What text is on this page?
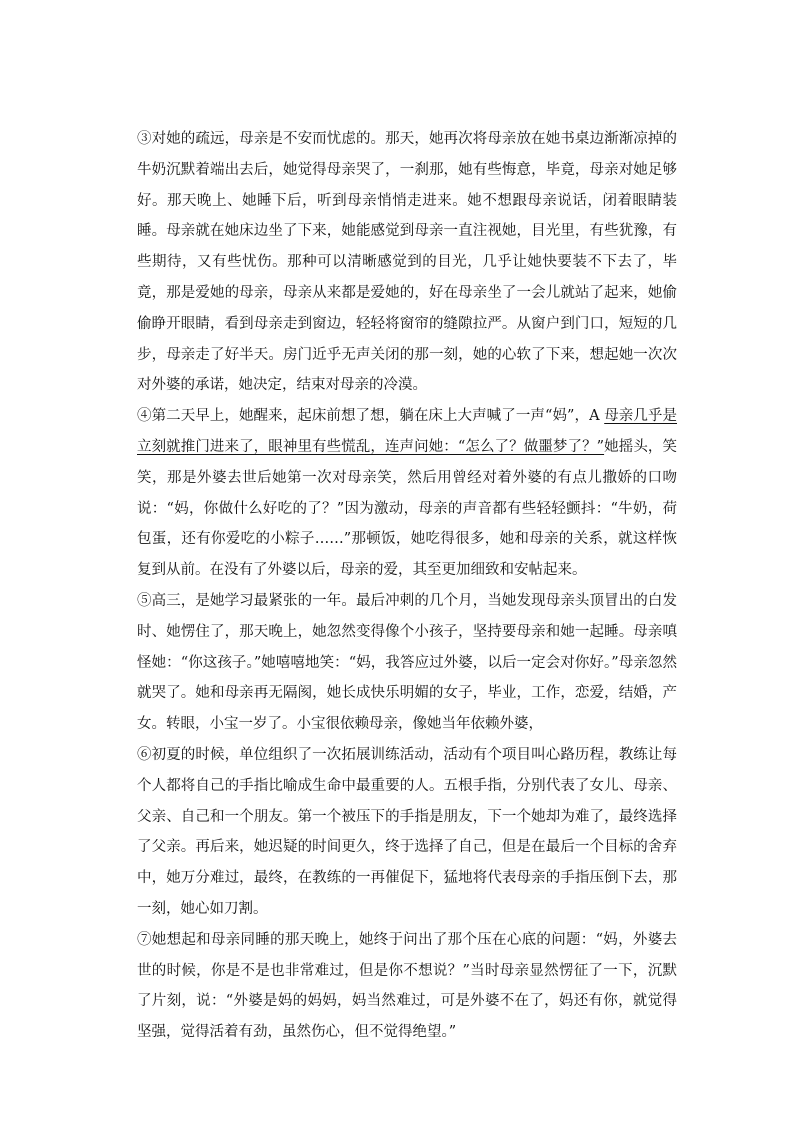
③对她的疏远，母亲是不安而忧虑的。那天，她再次将母亲放在她书桌边渐渐凉掉的牛奶沉默着端出去后，她觉得母亲哭了，一刹那，她有些悔意，毕竟，母亲对她足够好。那天晚上、她睡下后，听到母亲悄悄走进来。她不想跟母亲说话，闭着眼睛装睡。母亲就在她床边坐了下来，她能感觉到母亲一直注视她，目光里，有些犹豫，有些期待，又有些忧伤。那种可以清晰感觉到的目光，几乎让她快要装不下去了，毕竟，那是爱她的母亲，母亲从来都是爱她的，好在母亲坐了一会儿就站了起来，她偷偷睁开眼睛，看到母亲走到窗边，轻轻将窗帘的缝隙拉严。从窗户到门口，短短的几步，母亲走了好半天。房门近乎无声关闭的那一刻，她的心软了下来，想起她一次次对外婆的承诺，她决定，结束对母亲的冷漠。

④第二天早上，她醒来，起床前想了想，躺在床上大声喊了一声“妈”，A 母亲几乎是立刻就推门进来了，眼神里有些慌乱，连声问她：“怎么了？做噩梦了？”她摇头，笑笑，那是外婆去世后她第一次对母亲笑，然后用曾经对着外婆的有点儿撒娇的口吻说：“妈，你做什么好吃的了？”因为激动，母亲的声音都有些轻轻颤抖：“牛奶，荷包蛋，还有你爱吃的小粽子……”那顿饭，她吃得很多，她和母亲的关系，就这样恢复到从前。在没有了外婆以后，母亲的爱，其至更加细致和安帖起来。

⑤高三，是她学习最紧张的一年。最后冲刺的几个月，当她发现母亲头顶冒出的白发时、她愣住了，那天晚上，她忽然变得像个小孩子，坚持要母亲和她一起睡。母亲嗔怪她：“你这孩子。”她嘻嘻地笑：“妈，我答应过外婆，以后一定会对你好。”母亲忽然就哭了。她和母亲再无隔阂，她长成快乐明媚的女子，毕业，工作，恋爱，结婚，产女。转眼，小宝一岁了。小宝很依赖母亲，像她当年依赖外婆，

⑥初夏的时候，单位组织了一次拓展训练活动，活动有个项目叫心路历程，教练让每个人都将自己的手指比喻成生命中最重要的人。五根手指，分别代表了女儿、母亲、父亲、自己和一个朋友。第一个被压下的手指是朋友，下一个她却为难了，最终选择了父亲。再后来，她迟疑的时间更久，终于选择了自己，但是在最后一个目标的舍弃中，她万分难过，最终，在教练的一再催促下，猛地将代表母亲的手指压倒下去，那一刻，她心如刀割。

⑦她想起和母亲同睡的那天晚上，她终于问出了那个压在心底的问题：“妈，外婆去世的时候，你是不是也非常难过，但是你不想说？”当时母亲显然愣征了一下，沉默了片刻，说：“外婆是妈的妈妈，妈当然难过，可是外婆不在了，妈还有你，就觉得坚强，觉得活着有劲，虽然伤心，但不觉得绝望。”
